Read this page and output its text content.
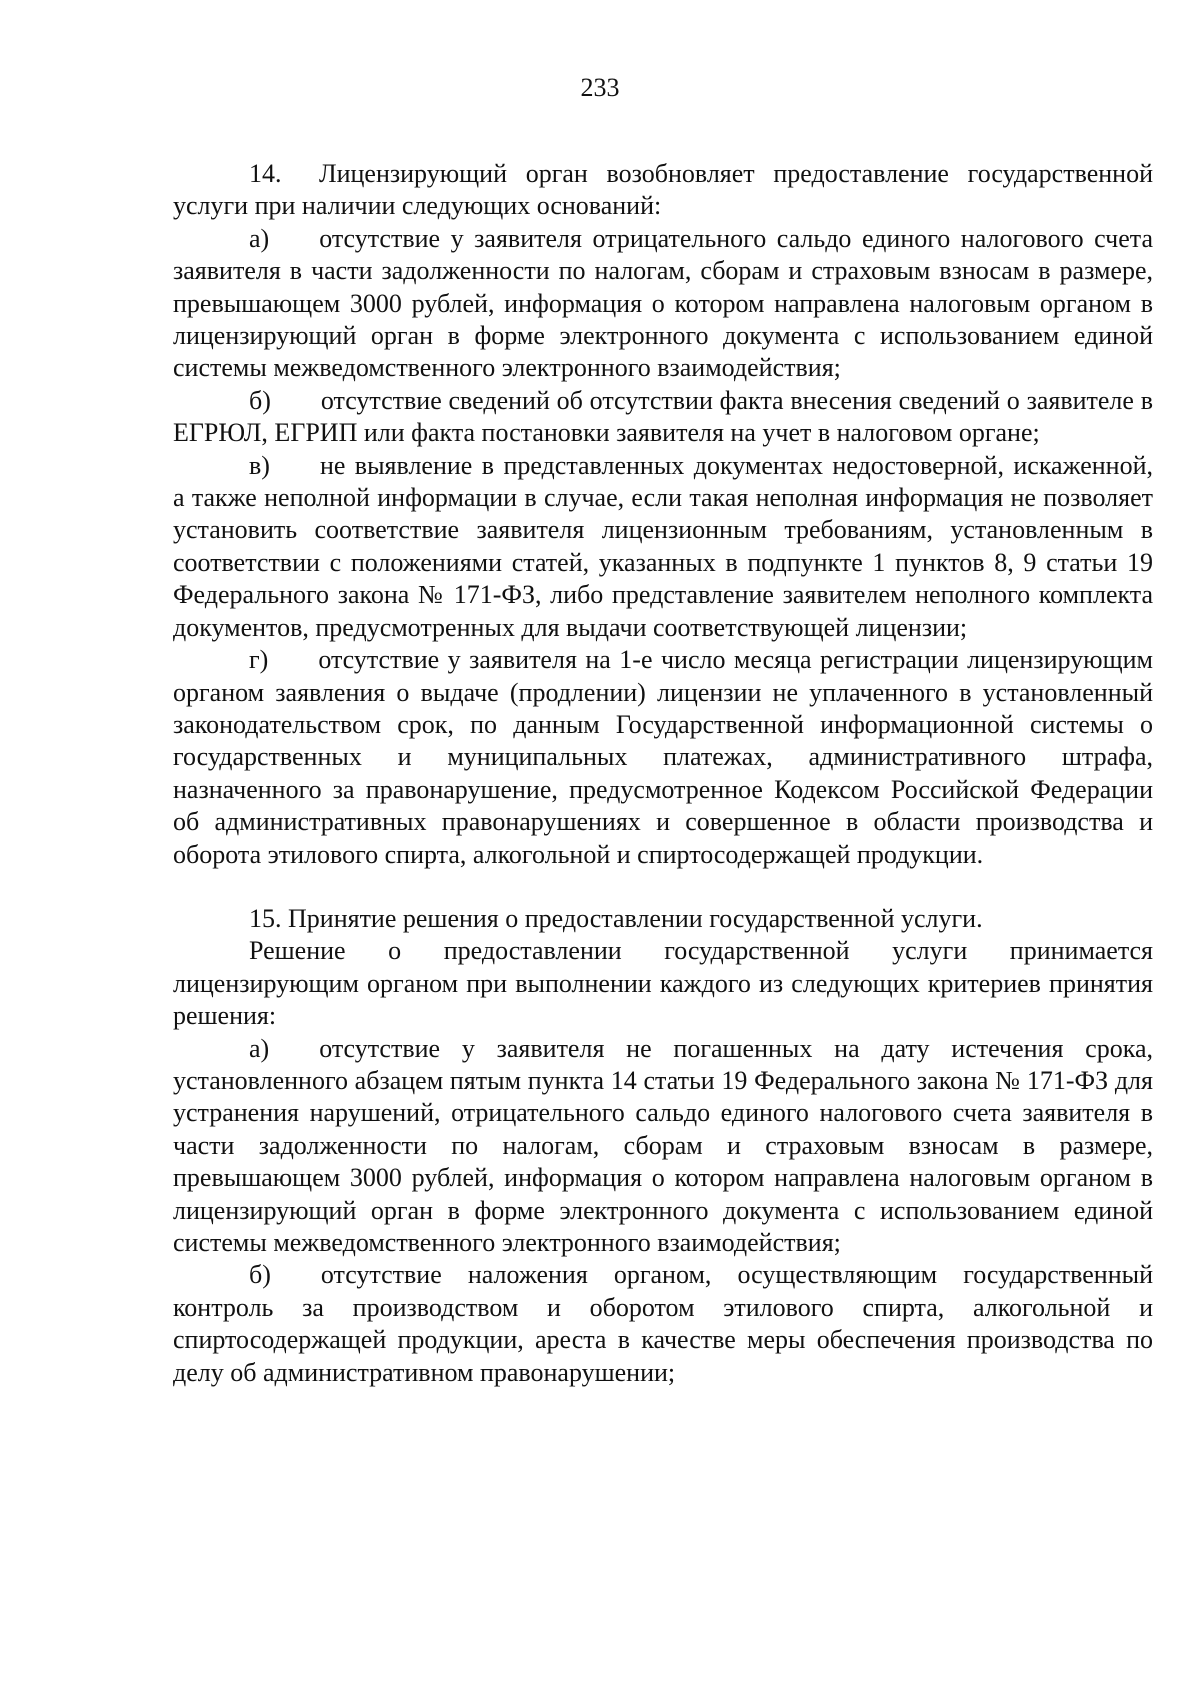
233

14.  Лицензирующий орган возобновляет предоставление государственной услуги при наличии следующих оснований:

а) отсутствие у заявителя отрицательного сальдо единого налогового счета заявителя в части задолженности по налогам, сборам и страховым взносам в размере, превышающем 3000 рублей, информация о котором направлена налоговым органом в лицензирующий орган в форме электронного документа с использованием единой системы межведомственного электронного взаимодействия;

б) отсутствие сведений об отсутствии факта внесения сведений о заявителе в ЕГРЮЛ, ЕГРИП или факта постановки заявителя на учет в налоговом органе;

в) не выявление в представленных документах недостоверной, искаженной, а также неполной информации в случае, если такая неполная информация не позволяет установить соответствие заявителя лицензионным требованиям, установленным в соответствии с положениями статей, указанных в подпункте 1 пунктов 8, 9 статьи 19 Федерального закона № 171-ФЗ, либо представление заявителем неполного комплекта документов, предусмотренных для выдачи соответствующей лицензии;

г) отсутствие у заявителя на 1-е число месяца регистрации лицензирующим органом заявления о выдаче (продлении) лицензии не уплаченного в установленный законодательством срок, по данным Государственной информационной системы о государственных и муниципальных платежах, административного штрафа, назначенного за правонарушение, предусмотренное Кодексом Российской Федерации об административных правонарушениях и совершенное в области производства и оборота этилового спирта, алкогольной и спиртосодержащей продукции.

15. Принятие решения о предоставлении государственной услуги.

Решение о предоставлении государственной услуги принимается лицензирующим органом при выполнении каждого из следующих критериев принятия решения:

а) отсутствие у заявителя не погашенных на дату истечения срока, установленного абзацем пятым пункта 14 статьи 19 Федерального закона № 171-ФЗ для устранения нарушений, отрицательного сальдо единого налогового счета заявителя в части задолженности по налогам, сборам и страховым взносам в размере, превышающем 3000 рублей, информация о котором направлена налоговым органом в лицензирующий орган в форме электронного документа с использованием единой системы межведомственного электронного взаимодействия;

б) отсутствие наложения органом, осуществляющим государственный контроль за производством и оборотом этилового спирта, алкогольной и спиртосодержащей продукции, ареста в качестве меры обеспечения производства по делу об административном правонарушении;
